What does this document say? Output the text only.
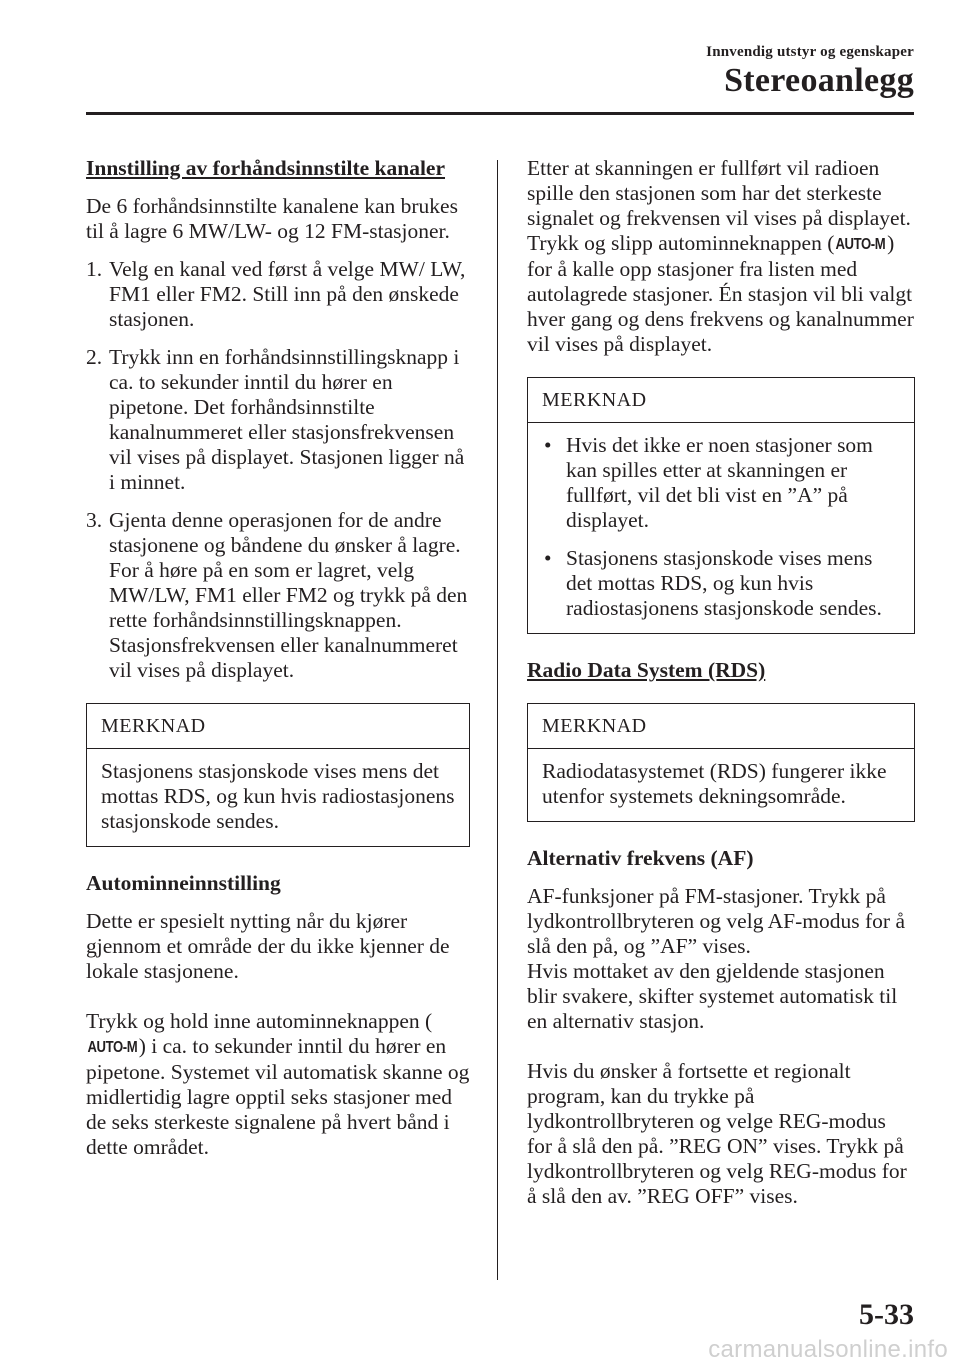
Innvendig utstyr og egenskaper
Stereoanlegg

Innstilling av forhåndsinnstilte kanaler

De 6 forhåndsinnstilte kanalene kan brukes til å lagre 6 MW/LW- og 12 FM-stasjoner.

1. Velg en kanal ved først å velge MW/ LW, FM1 eller FM2. Still inn på den ønskede stasjonen.
2. Trykk inn en forhåndsinnstillingsknapp i ca. to sekunder inntil du hører en pipetone. Det forhåndsinnstilte kanalnummeret eller stasjonsfrekvensen vil vises på displayet. Stasjonen ligger nå i minnet.
3. Gjenta denne operasjonen for de andre stasjonene og båndene du ønsker å lagre. For å høre på en som er lagret, velg MW/LW, FM1 eller FM2 og trykk på den rette forhåndsinnstillingsknappen. Stasjonsfrekvensen eller kanalnummeret vil vises på displayet.
MERKNAD
Stasjonens stasjonskode vises mens det mottas RDS, og kun hvis radiostasjonens stasjonskode sendes.

Autominneinnstilling

Dette er spesielt nytting når du kjører gjennom et område der du ikke kjenner de lokale stasjonene.

Trykk og hold inne autominneknappen (AUTO-M) i ca. to sekunder inntil du hører en pipetone. Systemet vil automatisk skanne og midlertidig lagre opptil seks stasjoner med de seks sterkeste signalene på hvert bånd i dette området.

Etter at skanningen er fullført vil radioen spille den stasjonen som har det sterkeste signalet og frekvensen vil vises på displayet. Trykk og slipp autominneknappen (AUTO-M) for å kalle opp stasjoner fra listen med autolagrede stasjoner. Én stasjon vil bli valgt hver gang og dens frekvens og kanalnummer vil vises på displayet.

MERKNAD
• Hvis det ikke er noen stasjoner som kan spilles etter at skanningen er fullført, vil det bli vist en ”A” på displayet.
• Stasjonens stasjonskode vises mens det mottas RDS, og kun hvis radiostasjonens stasjonskode sendes.

Radio Data System (RDS)

MERKNAD
Radiodatasystemet (RDS) fungerer ikke utenfor systemets dekningsområde.

Alternativ frekvens (AF)

AF-funksjoner på FM-stasjoner. Trykk på lydkontrollbryteren og velg AF-modus for å slå den på, og ”AF” vises.

Hvis mottaket av den gjeldende stasjonen blir svakere, skifter systemet automatisk til en alternativ stasjon.

Hvis du ønsker å fortsette et regionalt program, kan du trykke på lydkontrollbryteren og velge REG-modus for å slå den på. ”REG ON” vises. Trykk på lydkontrollbryteren og velg REG-modus for å slå den av. ”REG OFF” vises.

5-33
carmanualsonline.info
